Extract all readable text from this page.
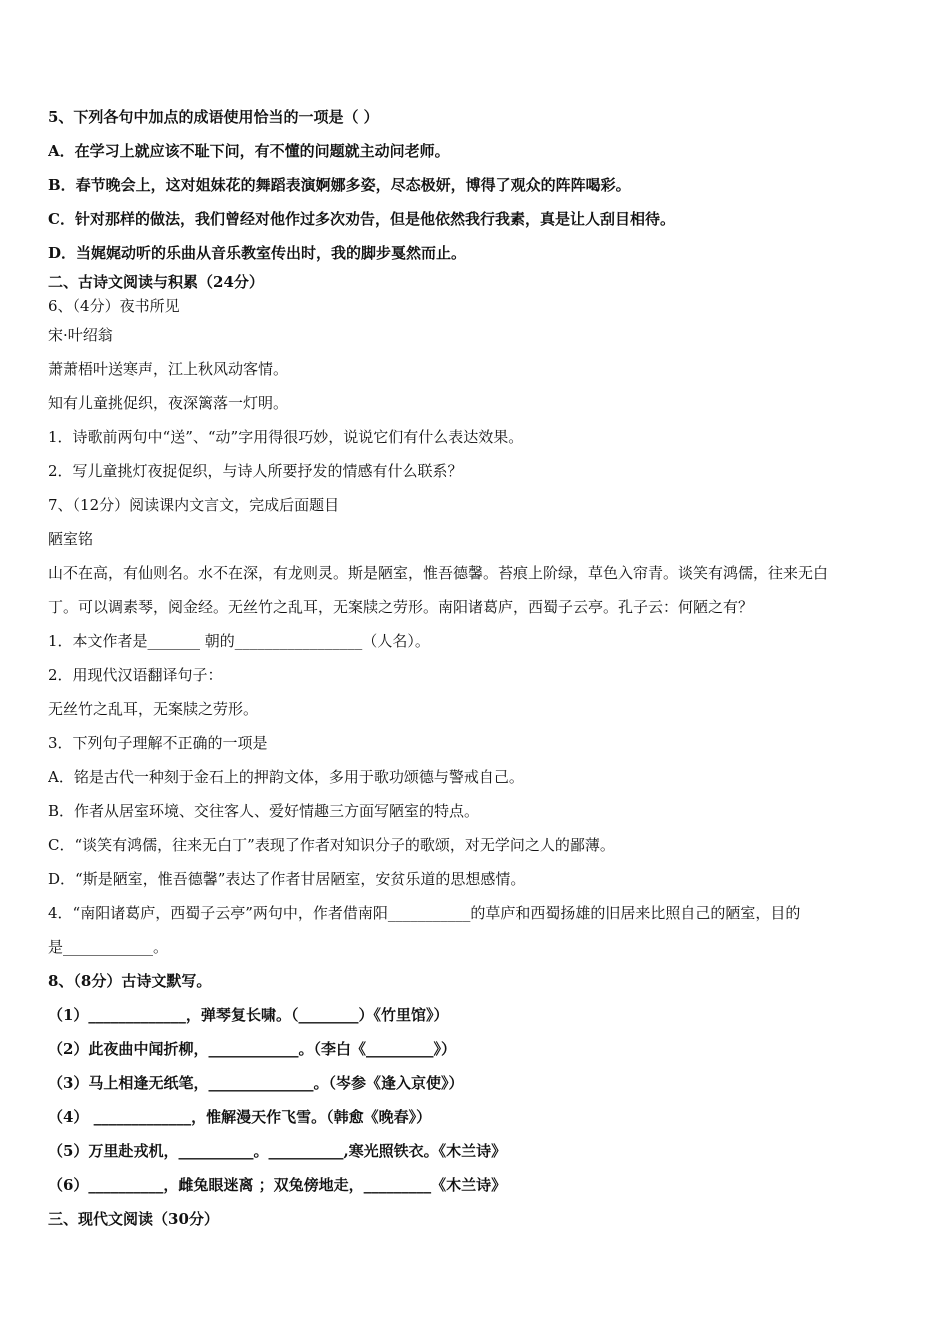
5、下列各句中加点的成语使用恰当的一项是（ ）
A．在学习上就应该不耻下问，有不懂的问题就主动问老师。
B．春节晚会上，这对姐妹花的舞蹈表演婀娜多姿，尽态极妍，博得了观众的阵阵喝彩。
C．针对那样的做法，我们曾经对他作过多次劝告，但是他依然我行我素，真是让人刮目相待。
D．当娓娓动听的乐曲从音乐教室传出时，我的脚步戛然而止。
二、古诗文阅读与积累（24分）
6、（4分）夜书所见
宋·叶绍翁
萧萧梧叶送寒声，江上秋风动客情。
知有儿童挑促织，夜深篱落一灯明。
1．诗歌前两句中“送”、“动”字用得很巧妙，说说它们有什么表达效果。
2．写儿童挑灯夜捉促织，与诗人所要抒发的情感有什么联系？
7、（12分）阅读课内文言文，完成后面题目
陋室铭
山不在高，有仙则名。水不在深，有龙则灵。斯是陋室，惟吾德馨。苔痕上阶绿，草色入帘青。谈笑有鸿儒，往来无白
丁。可以调素琴，阅金经。无丝竹之乱耳，无案牍之劳形。南阳诸葛庐，西蜀子云亭。孔子云：何陋之有？
1．本文作者是_______ 朝的_________________（人名）。
2．用现代汉语翻译句子：
无丝竹之乱耳，无案牍之劳形。
3．下列句子理解不正确的一项是
A．铭是古代一种刻于金石上的押韵文体，多用于歌功颂德与警戒自己。
B．作者从居室环境、交往客人、爱好情趣三方面写陋室的特点。
C．“谈笑有鸿儒，往来无白丁”表现了作者对知识分子的歌颂，对无学问之人的鄙薄。
D．“斯是陋室，惟吾德馨”表达了作者甘居陋室，安贫乐道的思想感情。
4．“南阳诸葛庐，西蜀子云亭”两句中，作者借南阳___________的草庐和西蜀扬雄的旧居来比照自己的陋室，目的
是____________。
8、（8分）古诗文默写。
（1）_____________，弹琴复长啸。（________）《竹里馆》）
（2）此夜曲中闻折柳，____________。（李白《_________》）
（3）马上相逢无纸笔，______________。（岑参《逢入京使》）
（4） _____________，惟解漫天作飞雪。（韩愈《晚春》）
（5）万里赴戎机，__________。__________,寒光照铁衣。《木兰诗》
（6）__________，雌兔眼迷离 ；双兔傍地走，_________《木兰诗》
三、现代文阅读（30分）
